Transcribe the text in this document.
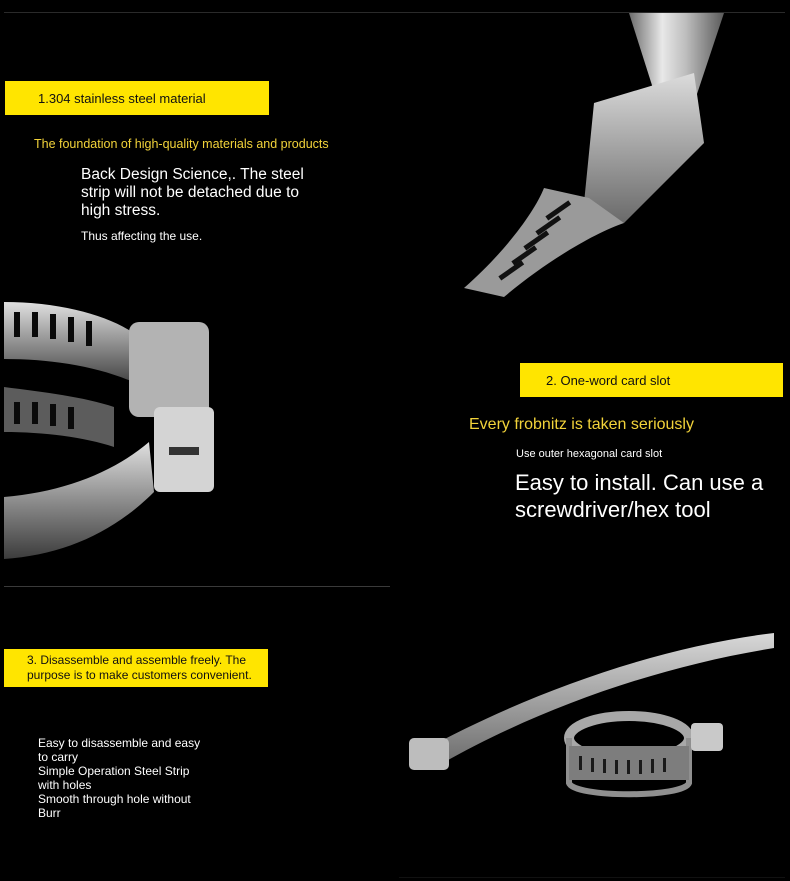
1.304 stainless steel material
The foundation of high-quality materials and products
Back Design Science,. The steel strip will not be detached due to high stress.
Thus affecting the use.
2. One-word card slot
Every frobnitz is taken seriously
Use outer hexagonal card slot
Easy to install. Can use a screwdriver/hex tool
3. Disassemble and assemble freely. The
purpose is to make customers convenient.
Easy to disassemble and easy to carry
Simple Operation Steel Strip with holes
Smooth through hole without Burr
